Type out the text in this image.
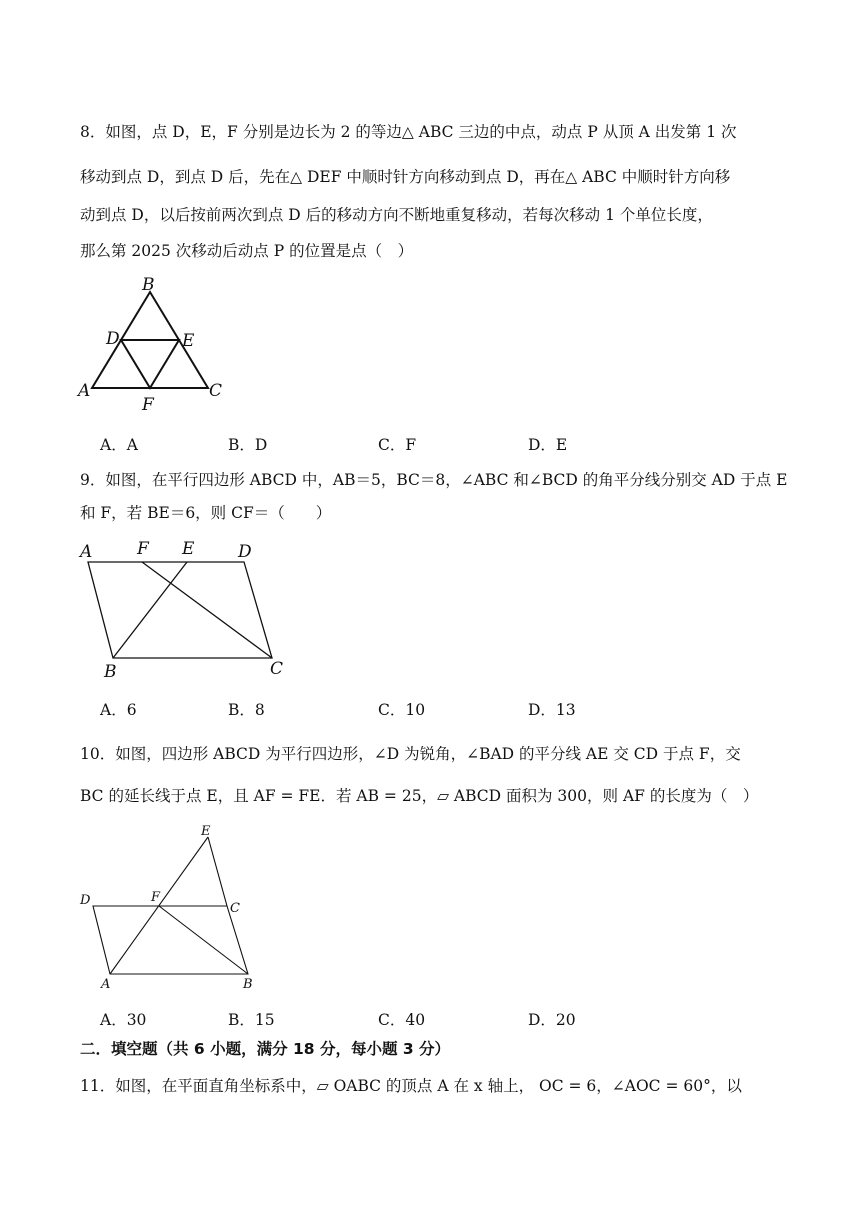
8．如图，点 D，E，F 分别是边长为 2 的等边△ ABC 三边的中点，动点 P 从顶 A 出发第 1 次
移动到点 D，到点 D 后，先在△ DEF 中顺时针方向移动到点 D，再在△ ABC 中顺时针方向移
动到点 D，以后按前两次到点 D 后的移动方向不断地重复移动，若每次移动 1 个单位长度，
那么第 2025 次移动后动点 P 的位置是点（　）
B
D	E
A	C
F
A．A	B．D	C．F	D．E
9．如图，在平行四边形 ABCD 中，AB＝5，BC＝8，∠ABC 和∠BCD 的角平分线分别交 AD 于点 E
和 F，若 BE＝6，则 CF＝（　　）
A	F E	D
B	C
A．6	B．8	C．10	D．13
10．如图，四边形 ABCD 为平行四边形，∠D 为锐角，∠BAD 的平分线 AE 交 CD 于点 F，交
BC 的延长线于点 E，且 AF = FE．若 AB = 25，▱ ABCD 面积为 300，则 AF 的长度为（　）
E
D	F
C
A	B
A．30	B．15	C．40	D．20
二．填空题（共 6 小题，满分 18 分，每小题 3 分）
11．如图，在平面直角坐标系中，▱ OABC 的顶点 A 在 x 轴上， OC = 6，∠AOC = 60°，以
